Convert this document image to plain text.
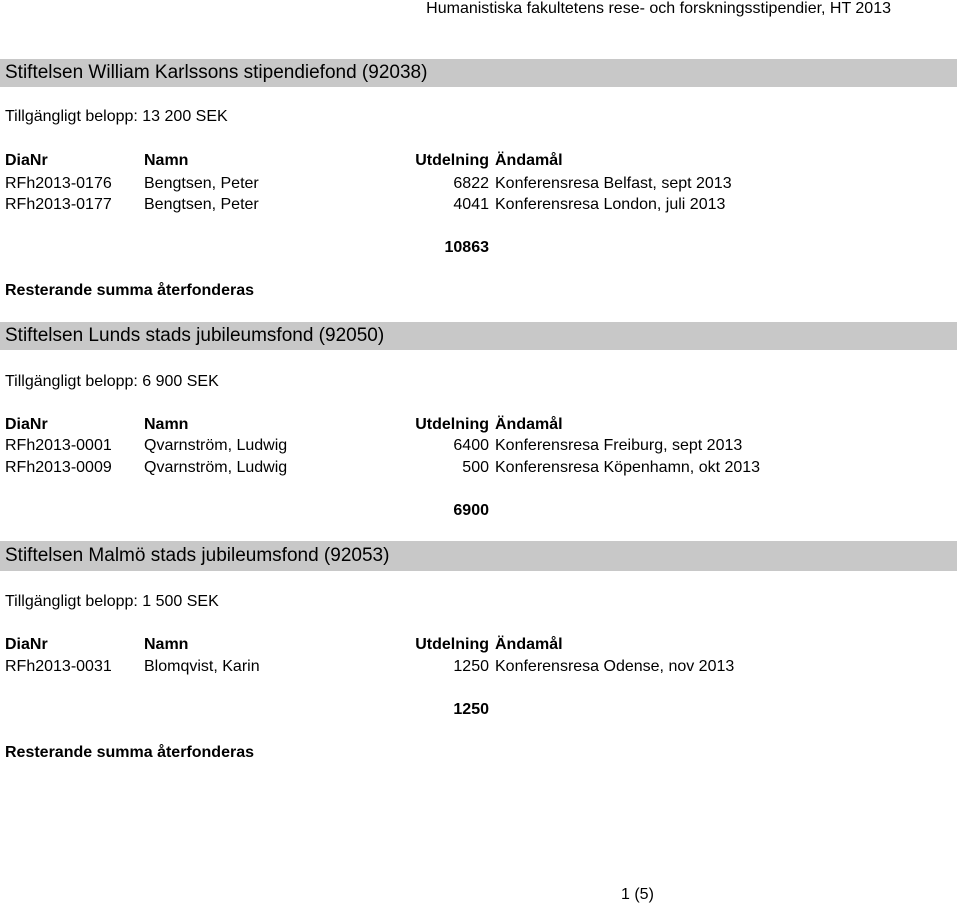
Humanistiska fakultetens rese- och forskningsstipendier, HT 2013
Stiftelsen William Karlssons stipendiefond (92038)
Tillgängligt belopp: 13 200 SEK
DiaNr	Namn	Utdelning Ändamål
RFh2013-0176 Bengtsen, Peter	6822 Konferensresa Belfast, sept 2013
RFh2013-0177 Bengtsen, Peter	4041 Konferensresa London, juli 2013
10863
Resterande summa återfonderas
Stiftelsen Lunds stads jubileumsfond (92050)
Tillgängligt belopp: 6 900 SEK
DiaNr	Namn	Utdelning Ändamål
RFh2013-0001 Qvarnström, Ludwig	6400 Konferensresa Freiburg, sept 2013
RFh2013-0009 Qvarnström, Ludwig	500 Konferensresa Köpenhamn, okt 2013
6900
Stiftelsen Malmö stads jubileumsfond (92053)
Tillgängligt belopp: 1 500 SEK
DiaNr	Namn	Utdelning Ändamål
RFh2013-0031 Blomqvist, Karin	1250 Konferensresa Odense, nov 2013
1250
Resterande summa återfonderas
1 (5)
